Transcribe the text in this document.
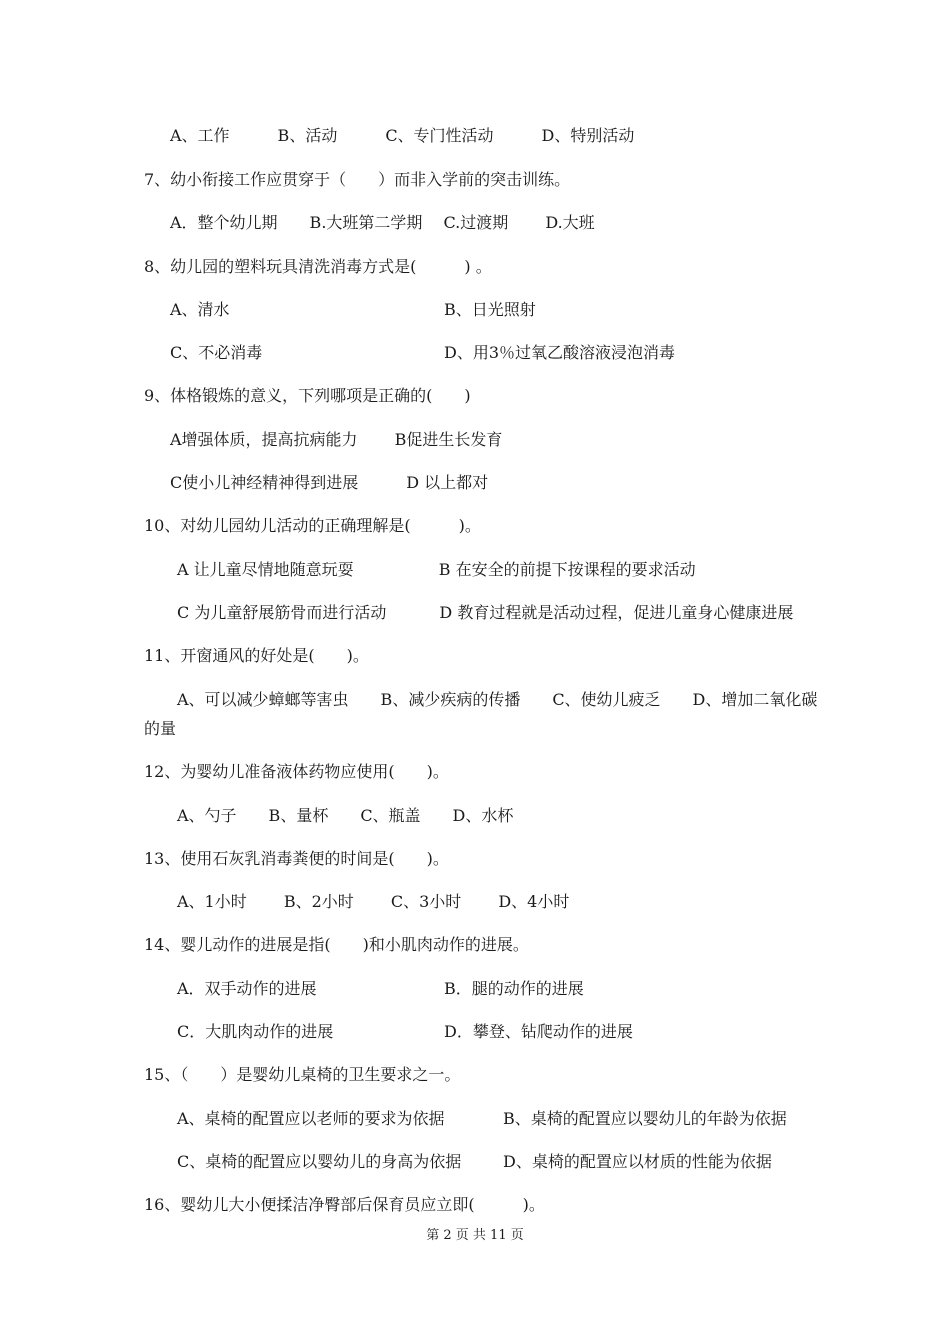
A、工作　　　B、活动　　　C、专门性活动　　　D、特别活动
7、幼小衔接工作应贯穿于（　　）而非入学前的突击训练。
A．整个幼儿期　　B.大班第二学期　 C.过渡期　　 D.大班
8、幼儿园的塑料玩具清洗消毒方式是(　　　) 。
A、清水	B、日光照射
C、不必消毒	D、用3％过氧乙酸溶液浸泡消毒
9、体格锻炼的意义，下列哪项是正确的(　　)
A增强体质，提高抗病能力　　 B促进生长发育
C使小儿神经精神得到进展　　　D 以上都对
10、对幼儿园幼儿活动的正确理解是(　　　)。
A 让儿童尽情地随意玩耍　　　　　 B 在安全的前提下按课程的要求活动
C 为儿童舒展筋骨而进行活动　　　 D 教育过程就是活动过程，促进儿童身心健康进展
11、开窗通风的好处是(　　)。
A、可以减少蟑螂等害虫　　B、减少疾病的传播　　C、使幼儿疲乏　　D、增加二氧化碳
的量
12、为婴幼儿准备液体药物应使用(　　)。
A、勺子　　B、量杯　　C、瓶盖　　D、水杯
13、使用石灰乳消毒粪便的时间是(　　)。
A、1小时　　 B、2小时　　 C、3小时　　 D、4小时
14、婴儿动作的进展是指(　　)和小肌肉动作的进展。
A．双手动作的进展	B．腿的动作的进展
C．大肌肉动作的进展	D．攀登、钻爬动作的进展
15、（　　）是婴幼儿桌椅的卫生要求之一。
A、桌椅的配置应以老师的要求为依据	B、桌椅的配置应以婴幼儿的年龄为依据
C、桌椅的配置应以婴幼儿的身高为依据	D、桌椅的配置应以材质的性能为依据
16、婴幼儿大小便揉洁净臀部后保育员应立即(　　　)。
第 2 页 共 11 页
